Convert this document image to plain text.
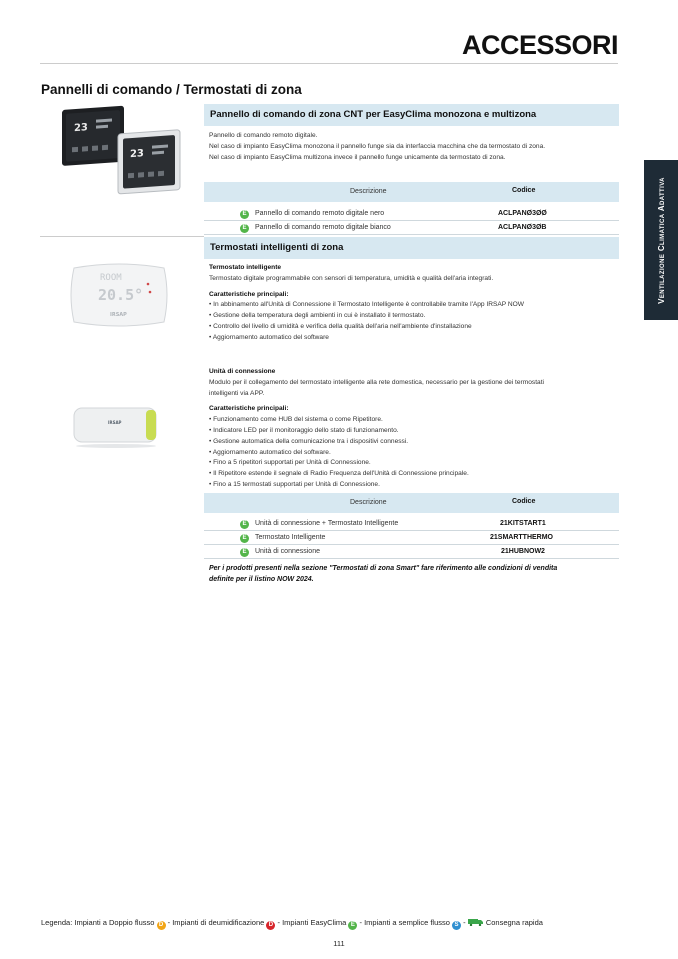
ACCESSORI
Ventilazione Climatica Adattiva
Pannelli di comando / Termostati di zona
23
23
Pannello di comando di zona CNT per EasyClima monozona e multizona

Pannello di comando remoto digitale.

Nel caso di impianto EasyClima monozona il pannello funge sia da interfaccia macchina che da termostato di zona.

Nel caso di impianto EasyClima multizona invece il pannello funge unicamente da termostato di zona.

Descrizione	Codice
E	Pannello di comando remoto digitale nero	ACLPANØ3ØØ
E	Pannello di comando remoto digitale bianco	ACLPANØ3ØB
Termostati intelligenti di zona
ROOM
20.5°
IRSAP

Termostato intelligente

Termostato digitale programmabile con sensori di temperatura, umidità e qualità dell'aria integrati.

Caratteristiche principali:

• In abbinamento all'Unità di Connessione il Termostato Intelligente è controllabile tramite l'App IRSAP NOW

• Gestione della temperatura degli ambienti in cui è installato il termostato.

• Controllo del livello di umidità e verifica della qualità dell'aria nell'ambiente d'installazione

• Aggiornamento automatico del software

IRSAP

Unità di connessione

Modulo per il collegamento del termostato intelligente alla rete domestica, necessario per la gestione dei termostati

intelligenti via APP.

Caratteristiche principali:

• Funzionamento come HUB del sistema o come Ripetitore.

• Indicatore LED per il monitoraggio dello stato di funzionamento.

• Gestione automatica della comunicazione tra i dispositivi connessi.

• Aggiornamento automatico del software.

• Fino a 5 ripetitori supportati per Unità di Connessione.

• Il Ripetitore estende il segnale di Radio Frequenza dell'Unità di Connessione principale.

• Fino a 15 termostati supportati per Unità di Connessione.

Descrizione	Codice
E	Unità di connessione + Termostato Intelligente	21KITSTART1
E	Termostato Intelligente	21SMARTTHERMO
E	Unità di connessione	21HUBNOW2

Per i prodotti presenti nella sezione "Termostati di zona Smart" fare riferimento alle condizioni di vendita

definite per il listino NOW 2024.

Legenda: Impianti a Doppio flusso D - Impianti di deumidificazione D - Impianti EasyClima E - Impianti a semplice flusso S -  Consegna rapida
111
